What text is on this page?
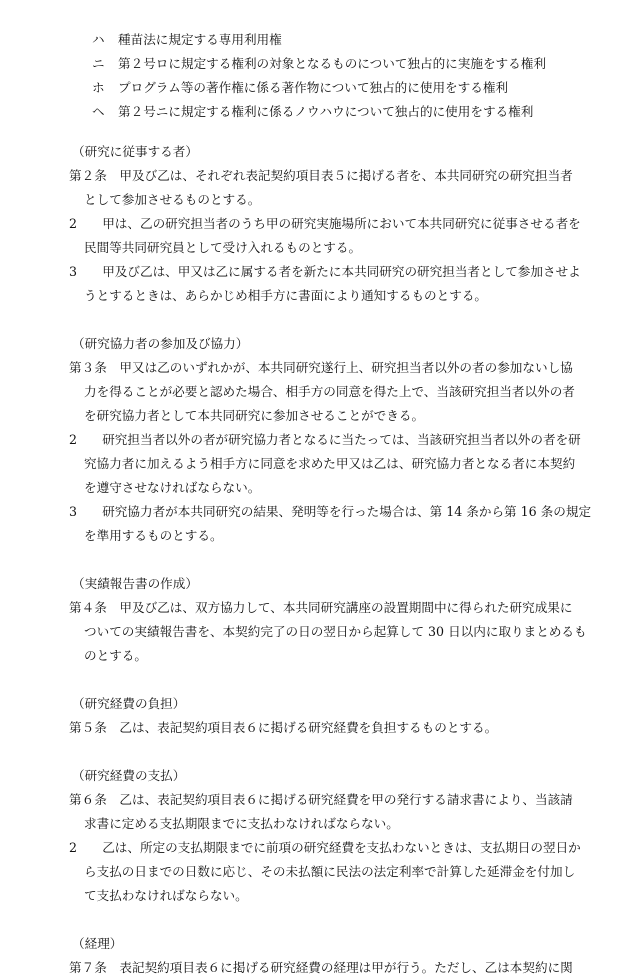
ハ 種苗法に規定する専用利用権
ニ 第２号ロに規定する権利の対象となるものについて独占的に実施をする権利
ホ プログラム等の著作権に係る著作物について独占的に使用をする権利
ヘ 第２号ニに規定する権利に係るノウハウについて独占的に使用をする権利
（研究に従事する者）
第２条　甲及び乙は、それぞれ表記契約項目表５に掲げる者を、本共同研究の研究担当者
として参加させるものとする。
2　　甲は、乙の研究担当者のうち甲の研究実施場所において本共同研究に従事させる者を
民間等共同研究員として受け入れるものとする。
3　　甲及び乙は、甲又は乙に属する者を新たに本共同研究の研究担当者として参加させよ
うとするときは、あらかじめ相手方に書面により通知するものとする。
（研究協力者の参加及び協力）
第３条　甲又は乙のいずれかが、本共同研究遂行上、研究担当者以外の者の参加ないし協
力を得ることが必要と認めた場合、相手方の同意を得た上で、当該研究担当者以外の者
を研究協力者として本共同研究に参加させることができる。
2　　研究担当者以外の者が研究協力者となるに当たっては、当該研究担当者以外の者を研
究協力者に加えるよう相手方に同意を求めた甲又は乙は、研究協力者となる者に本契約
を遵守させなければならない。
3　　研究協力者が本共同研究の結果、発明等を行った場合は、第 14 条から第 16 条の規定
を準用するものとする。
（実績報告書の作成）
第４条　甲及び乙は、双方協力して、本共同研究講座の設置期間中に得られた研究成果に
ついての実績報告書を、本契約完了の日の翌日から起算して 30 日以内に取りまとめるも
のとする。
（研究経費の負担）
第５条　乙は、表記契約項目表６に掲げる研究経費を負担するものとする。
（研究経費の支払）
第６条　乙は、表記契約項目表６に掲げる研究経費を甲の発行する請求書により、当該請
求書に定める支払期限までに支払わなければならない。
2　　乙は、所定の支払期限までに前項の研究経費を支払わないときは、支払期日の翌日か
ら支払の日までの日数に応じ、その未払額に民法の法定利率で計算した延滞金を付加し
て支払わなければならない。
（経理）
第７条　表記契約項目表６に掲げる研究経費の経理は甲が行う。ただし、乙は本契約に関
